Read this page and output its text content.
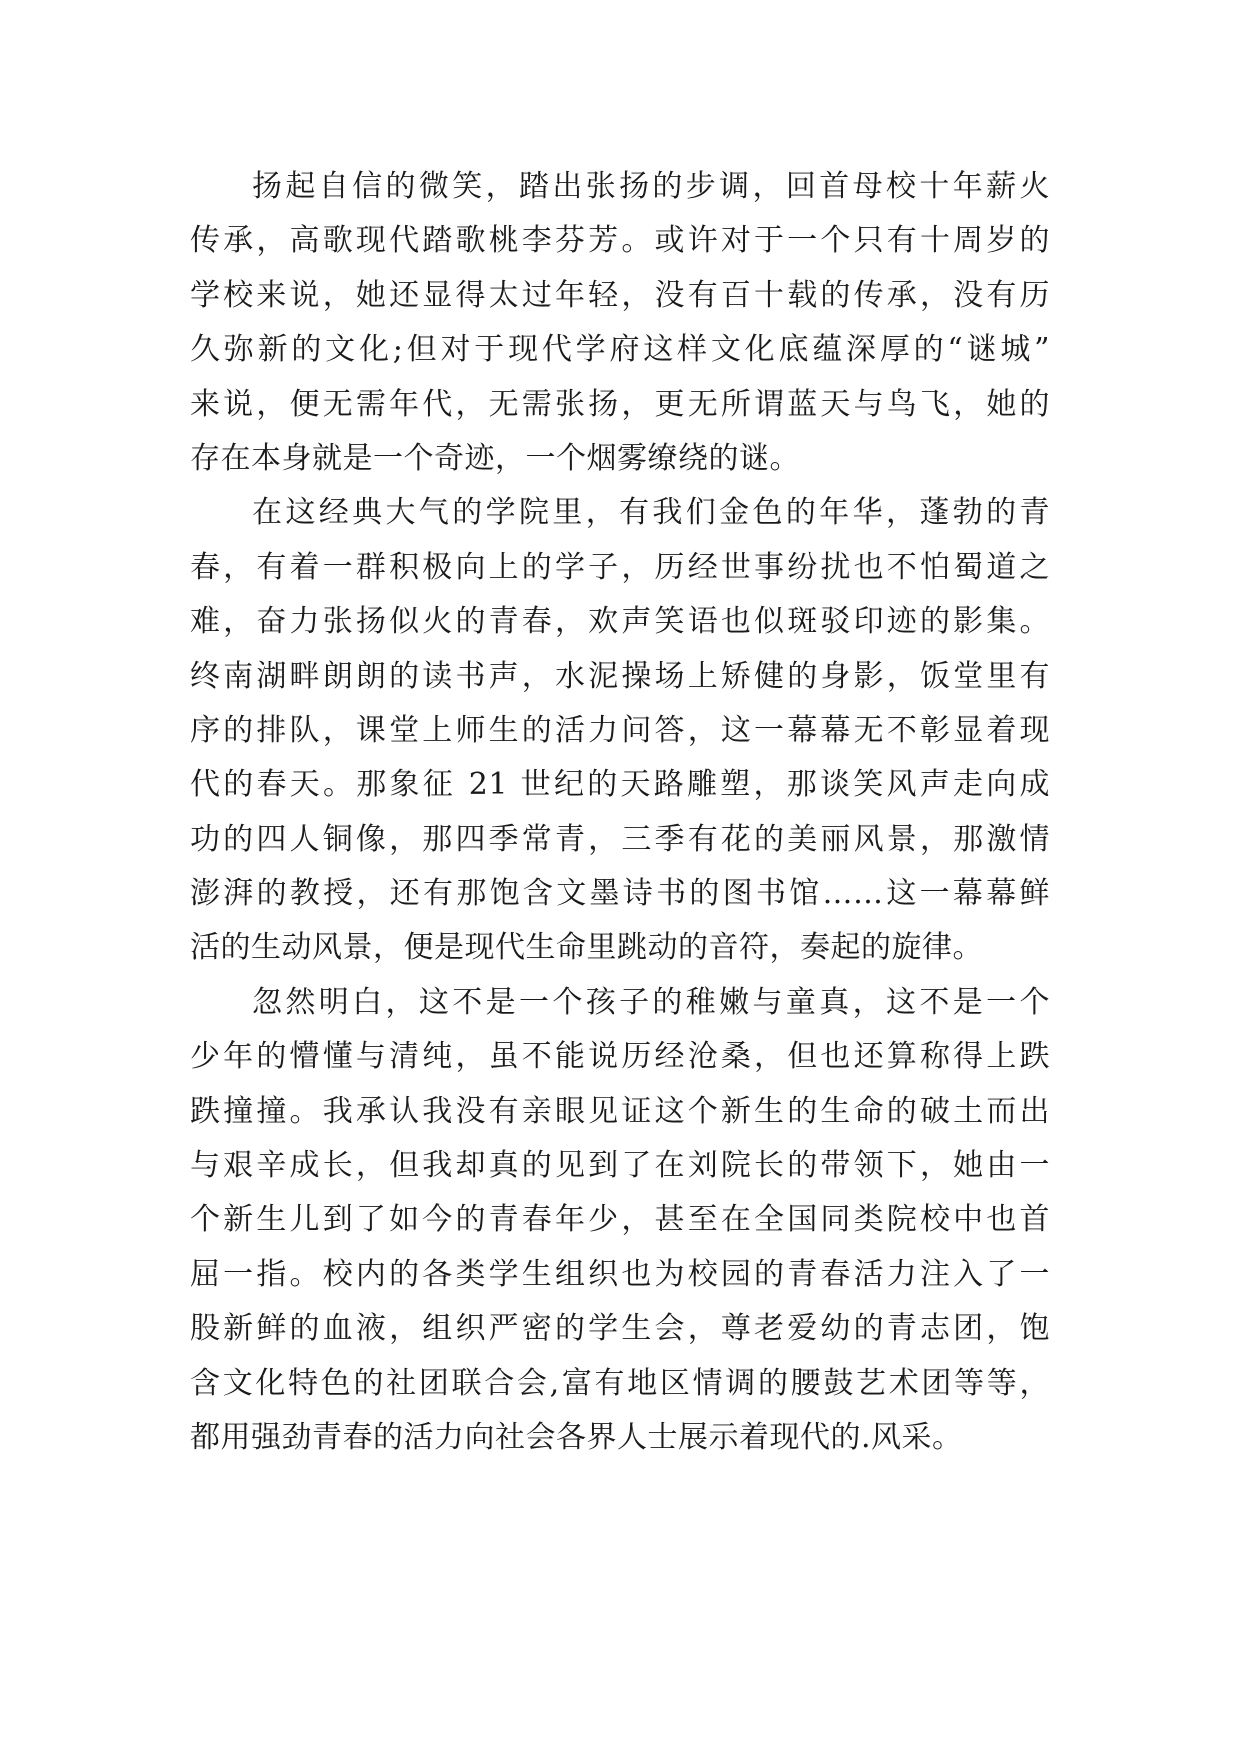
扬起自信的微笑，踏出张扬的步调，回首母校十年薪火
传承，高歌现代踏歌桃李芬芳。或许对于一个只有十周岁的
学校来说，她还显得太过年轻，没有百十载的传承，没有历
久弥新的文化;但对于现代学府这样文化底蕴深厚的“谜城”
来说，便无需年代，无需张扬，更无所谓蓝天与鸟飞，她的
存在本身就是一个奇迹，一个烟雾缭绕的谜。
在这经典大气的学院里，有我们金色的年华，蓬勃的青
春，有着一群积极向上的学子，历经世事纷扰也不怕蜀道之
难，奋力张扬似火的青春，欢声笑语也似斑驳印迹的影集。
终南湖畔朗朗的读书声，水泥操场上矫健的身影，饭堂里有
序的排队，课堂上师生的活力问答，这一幕幕无不彰显着现
代的春天。那象征 21 世纪的天路雕塑，那谈笑风声走向成
功的四人铜像，那四季常青，三季有花的美丽风景，那激情
澎湃的教授，还有那饱含文墨诗书的图书馆……这一幕幕鲜
活的生动风景，便是现代生命里跳动的音符，奏起的旋律。
忽然明白，这不是一个孩子的稚嫩与童真，这不是一个
少年的懵懂与清纯，虽不能说历经沧桑，但也还算称得上跌
跌撞撞。我承认我没有亲眼见证这个新生的生命的破土而出
与艰辛成长，但我却真的见到了在刘院长的带领下，她由一
个新生儿到了如今的青春年少，甚至在全国同类院校中也首
屈一指。校内的各类学生组织也为校园的青春活力注入了一
股新鲜的血液，组织严密的学生会，尊老爱幼的青志团，饱
含文化特色的社团联合会,富有地区情调的腰鼓艺术团等等，
都用强劲青春的活力向社会各界人士展示着现代的.风采。
